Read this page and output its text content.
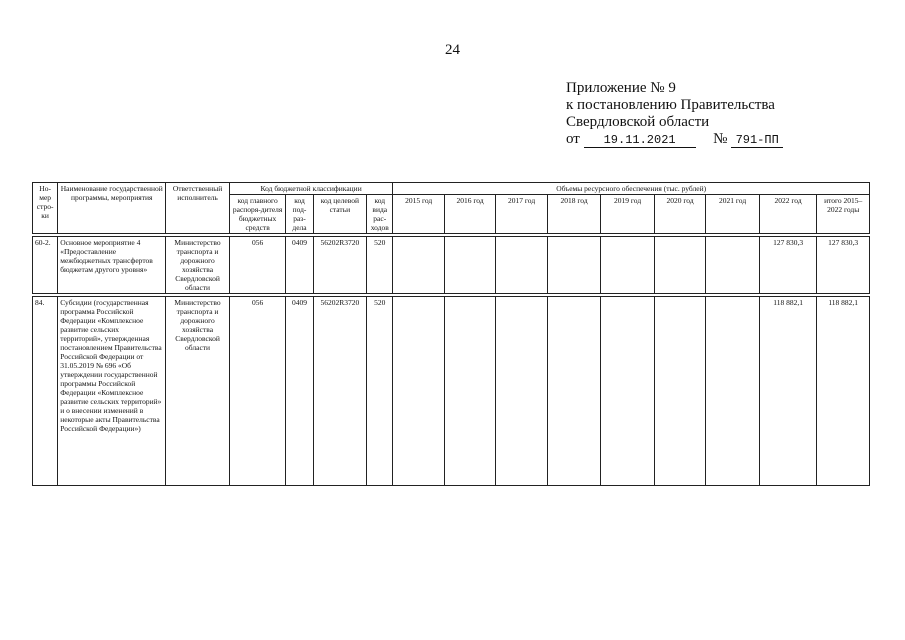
24
Приложение № 9
к постановлению Правительства
Свердловской области
от 19.11.2021	№ 791-ПП
Но-мер стро-ки	Наименование государственной программы, мероприятия	Ответственный исполнитель	Код бюджетной классификации				Объемы ресурсного обеспечения (тыс. рублей)								
			код главного распоря-дителя бюджетных средств	код под-раз-дела	код целевой статьи	код вида рас-ходов	2015 год	2016 год	2017 год	2018 год	2019 год	2020 год	2021 год	2022 год	итого 2015–2022 годы

60-2.	Основное мероприятие 4 «Предоставление межбюджетных трансфертов бюджетам другого уровня»	Министерство транспорта и дорожного хозяйства Свердловской области	056	0409	56202R3720	520								127 830,3	127 830,3

84.	Субсидии (государственная программа Российской Федерации «Комплексное развитие сельских территорий», утвержденная постановлением Правительства Российской Федерации от 31.05.2019 № 696 «Об утверждении государственной программы Российской Федерации «Комплексное развитие сельских территорий» и о внесении изменений в некоторые акты Правительства Российской Федерации»)	Министерство транспорта и дорожного хозяйства Свердловской области	056	0409	56202R3720	520								118 882,1	118 882,1
